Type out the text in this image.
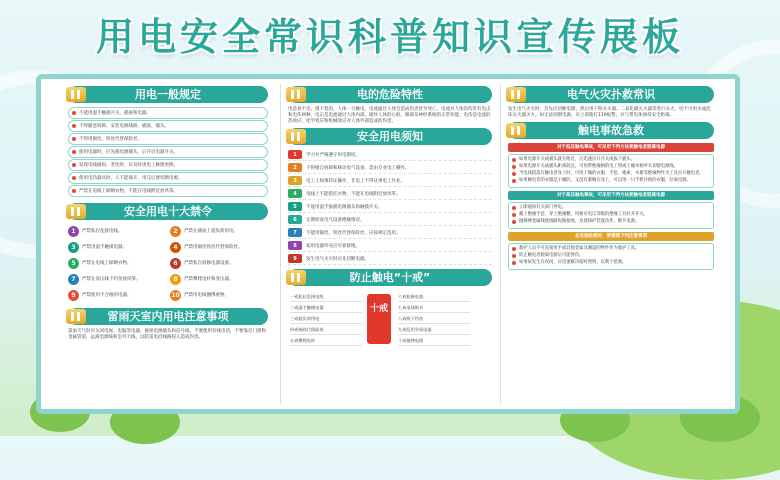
用电安全常识科普知识宣传展板
用电一般规定
不能用湿手触摸开关、插座和电器。
不得随意拆卸、安装电源线路、插座、插头。
不得用铜丝、铁丝代替保险丝。
使用电器时，应先插电源插头，后开启电器开关。
发现电线破损、老化时，应及时请电工修理更换。
使用电热器具时，人不能离开，用完后要切断电源。
严禁在电线上晾晒衣物，不能在电线附近放风筝。
安全用电十大禁令
1	严禁私拉乱接电线。	2	严禁在插座上超负荷用电。
3	严禁用湿手触摸电器。	4	严禁用铜丝铁丝代替保险丝。
5	严禁在电线上晾晒衣物。	6	严禁私自拆修电器设备。
7	严禁在高压线下钓鱼放风筝。	8	严禁攀爬电杆和变压器。
9	严禁使用不合格的电器。	10 严禁用电线捆绑重物。
雷雨天室内用电注意事项
雷雨天气时应关闭电视、电脑等电器，拔掉电源插头和信号线，不要使用有线电话，不要靠近门窗和金属管道，远离电源线和室外天线，以防雷电沿线路侵入造成伤害。
电的危险特性
电是看不见、摸不着的，人体一旦触电，电流通过人体会造成伤害甚至死亡。电流对人体的伤害有电击和电伤两种，电击是电流通过人体内部，破坏人体的心脏、肺部及神经系统的正常功能；电伤是电流的热效应、化学效应和机械效应对人体外部造成的伤害。
安全用电须知
1	学习并严格遵守用电制度。
2	不得擅自拆卸和移动电气设备，需由专业电工操作。
3	电工上岗须持证操作，非电工不得从事电工作业。
4	电线上不能搭挂衣物，不能在电线附近放风筝。
5	不能用湿手拔插电源插头和触摸开关。
6	定期检查电气设备绝缘情况。
7	不能用铜丝、铁丝代替保险丝，应按规定选用。
8	家用电器外壳应可靠接地。
9	发生电气火灾时应先切断电源。
防止触电“十戒”
十戒
一戒私拉乱接电线
二戒湿手触摸电器
三戒超负荷用电
四戒铜丝代保险丝
五戒攀爬电杆
六戒私修电器
七戒电线晾衣
八戒线下钓鱼
九戒乱用劣质电器
十戒拖拽电线
电气火灾扑救常识
发生电气火灾时，首先应切断电源，然后用干粉灭火器、二氧化碳灭火器等进行灭火，切不可用水或泡沫灭火器灭火。如无法切断电源，应立即拨打119报警，并与带电体保持安全距离。
触电事故急救
对于低压触电事故，可采用下列方法使触电者脱离电源
如果电源开关或插头就在附近，应迅速拉开开关或拔下插头。
如果电源开关或插头距离较远，可用带绝缘柄的电工钳或干燥木柄斧头切断电源线。
当电线搭落在触电者身上时，可用干燥的衣服、手套、绳索、木板等绝缘物作为工具拉开触电者。
如果触电者的衣服是干燥的，又没有紧缠在身上，可以用一只手抓住他的衣服，拉离电源。
对于高压触电事故，可采用下列方法使触电者脱离电源
立即通知有关部门停电。
戴上绝缘手套，穿上绝缘靴，用相应电压等级的绝缘工具拉开开关。
抛掷裸金属线使线路短路接地，迫使保护装置动作，断开电源。
在实施抢救时，要遵循下列注意事项
救护人员不可直接用手或其他金属及潮湿的物件作为救护工具。
防止触电者脱离电源后可能摔伤。
如事故发生在夜间，应迅速解决临时照明，以利于抢救。
